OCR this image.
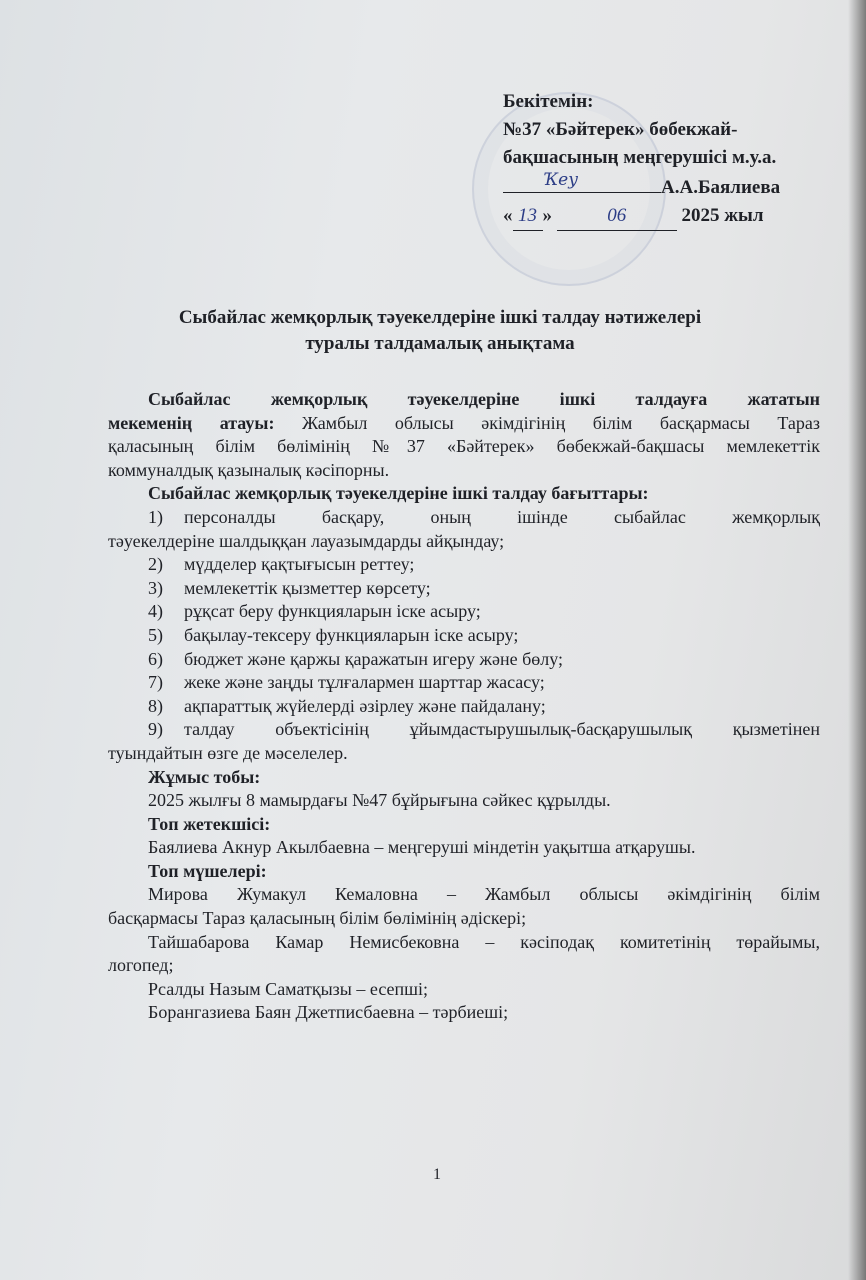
Бекітемін:
№37 «Бәйтерек» бөбекжай-
бақшасының меңгерушісі м.у.а.
Ҡеу	А.А.Баялиева
« 13 »	06	2025 жыл
Сыбайлас жемқорлық тәуекелдеріне ішкі талдау нәтижелері
туралы талдамалық анықтама

Сыбайлас жемқорлық тәуекелдеріне ішкі талдауға жататын

мекеменің атауы: Жамбыл облысы әкімдігінің білім басқармасы Тараз

қаласының білім бөлімінің №37 «Бәйтерек» бөбекжай-бақшасы мемлекеттік

коммуналдық қазыналық кәсіпорны.

Сыбайлас жемқорлық тәуекелдеріне ішкі талдау бағыттары:

1)	персоналды басқару, оның ішінде сыбайлас жемқорлық

тәуекелдеріне шалдыққан лауазымдарды айқындау;

2)	мүдделер қақтығысын реттеу;
3)	мемлекеттік қызметтер көрсету;
4)	рұқсат беру функцияларын іске асыру;
5)	бақылау-тексеру функцияларын іске асыру;
6)	бюджет және қаржы қаражатын игеру және бөлу;
7)	жеке және заңды тұлғалармен шарттар жасасу;
8)	ақпараттық жүйелерді әзірлеу және пайдалану;
9)	талдау объектісінің ұйымдастырушылық-басқарушылық қызметінен

туындайтын өзге де мәселелер.

Жұмыс тобы:

2025 жылғы 8 мамырдағы №47 бұйрығына сәйкес құрылды.

Топ жетекшісі:

Баялиева Акнур Акылбаевна – меңгеруші міндетін уақытша атқарушы.

Топ мүшелері:

Мирова Жумакул Кемаловна – Жамбыл облысы әкімдігінің білім

басқармасы Тараз қаласының білім бөлімінің әдіскері;

Тайшабарова Камар Немисбековна – кәсіподақ комитетінің төрайымы,

логопед;

Рсалды Назым Саматқызы – есепші;

Борангазиева Баян Джетписбаевна – тәрбиеші;

1
